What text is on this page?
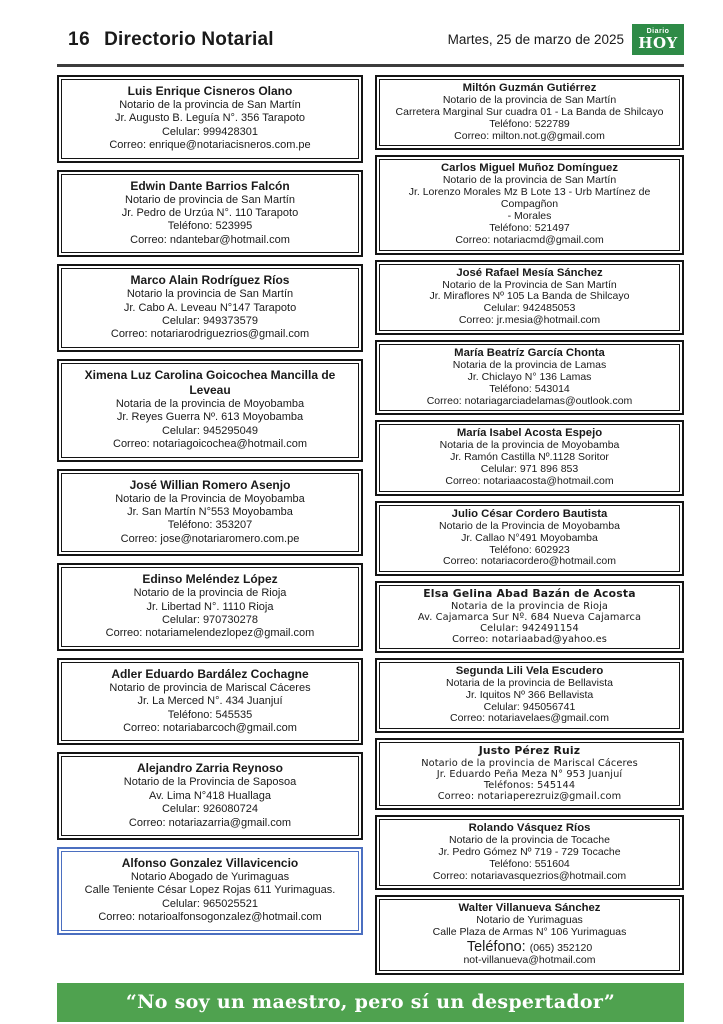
16 Directorio Notarial	Martes, 25 de marzo de 2025
Diario
HOY
Luis Enrique Cisneros Olano
Notario de la provincia de San Martín
Jr. Augusto B. Leguía N°. 356 Tarapoto
Celular: 999428301
Correo: enrique@notariacisneros.com.pe
Edwin Dante Barrios Falcón
Notario de provincia de San Martín
Jr. Pedro de Urzúa N°. 110 Tarapoto
Teléfono: 523995
Correo: ndantebar@hotmail.com
Marco Alain Rodríguez Ríos
Notario la provincia de San Martín
Jr. Cabo A. Leveau N°147 Tarapoto
Celular: 949373579
Correo: notariarodriguezrios@gmail.com
Ximena Luz Carolina Goicochea Mancilla de Leveau
Notaria de la provincia de Moyobamba
Jr. Reyes Guerra Nº. 613 Moyobamba
Celular: 945295049
Correo: notariagoicochea@hotmail.com
José Willian Romero Asenjo
Notario de la Provincia de Moyobamba
Jr. San Martín N°553 Moyobamba
Teléfono: 353207
Correo: jose@notariaromero.com.pe
Edinso Meléndez López
Notario de la provincia de Rioja
Jr. Libertad N°. 1110 Rioja
Celular: 970730278
Correo: notariamelendezlopez@gmail.com
Adler Eduardo Bardález Cochagne
Notario de provincia de Mariscal Cáceres
Jr. La Merced N°. 434 Juanjuí
Teléfono: 545535
Correo: notariabarcoch@gmail.com
Alejandro Zarria Reynoso
Notario de la Provincia de Saposoa
Av. Lima N°418 Huallaga
Celular: 926080724
Correo: notariazarria@gmail.com
Alfonso Gonzalez Villavicencio
Notario Abogado de Yurimaguas
Calle Teniente César Lopez Rojas 611 Yurimaguas.
Celular: 965025521
Correo: notarioalfonsogonzalez@hotmail.com
Miltón Guzmán Gutiérrez
Notario de la provincia de San Martín
Carretera Marginal Sur cuadra 01 - La Banda de Shilcayo
Teléfono: 522789
Correo: milton.not.g@gmail.com
Carlos Miguel Muñoz Domínguez
Notario de la provincia de San Martín
Jr. Lorenzo Morales Mz B Lote 13 - Urb Martínez de Compagñon
- Morales
Teléfono: 521497
Correo: notariacmd@gmail.com
José Rafael Mesía Sánchez
Notario de la Provincia de San Martín
Jr. Miraflores Nº 105 La Banda de Shilcayo
Celular: 942485053
Correo: jr.mesia@hotmail.com
María Beatríz García Chonta
Notaria de la provincia de Lamas
Jr. Chiclayo N° 136 Lamas
Teléfono: 543014
Correo: notariagarciadelamas@outlook.com
María Isabel Acosta Espejo
Notaria de la provincia de Moyobamba
Jr. Ramón Castilla Nº.1128 Soritor
Celular: 971 896 853
Correo: notariaacosta@hotmail.com
Julio César Cordero Bautista
Notario de la Provincia de Moyobamba
Jr. Callao N°491 Moyobamba
Teléfono: 602923
Correo: notariacordero@hotmail.com
Elsa Gelina Abad Bazán de Acosta
Notaria de la provincia de Rioja
Av. Cajamarca Sur Nº. 684 Nueva Cajamarca
Celular: 942491154
Correo: notariaabad@yahoo.es
Segunda Lili Vela Escudero
Notaria de la provincia de Bellavista
Jr. Iquitos Nº 366 Bellavista
Celular: 945056741
Correo: notariavelaes@gmail.com
Justo Pérez Ruiz
Notario de la provincia de Mariscal Cáceres
Jr. Eduardo Peña Meza N° 953 Juanjuí
Teléfonos: 545144
Correo: notariaperezruiz@gmail.com
Rolando Vásquez Ríos
Notario de la provincia de Tocache
Jr. Pedro Gómez Nº 719 - 729 Tocache
Teléfono: 551604
Correo: notariavasquezrios@hotmail.com
Walter Villanueva Sánchez
Notario de Yurimaguas
Calle Plaza de Armas N° 106 Yurimaguas
Teléfono: (065) 352120
not-villanueva@hotmail.com
“No soy un maestro, pero sí un despertador”
